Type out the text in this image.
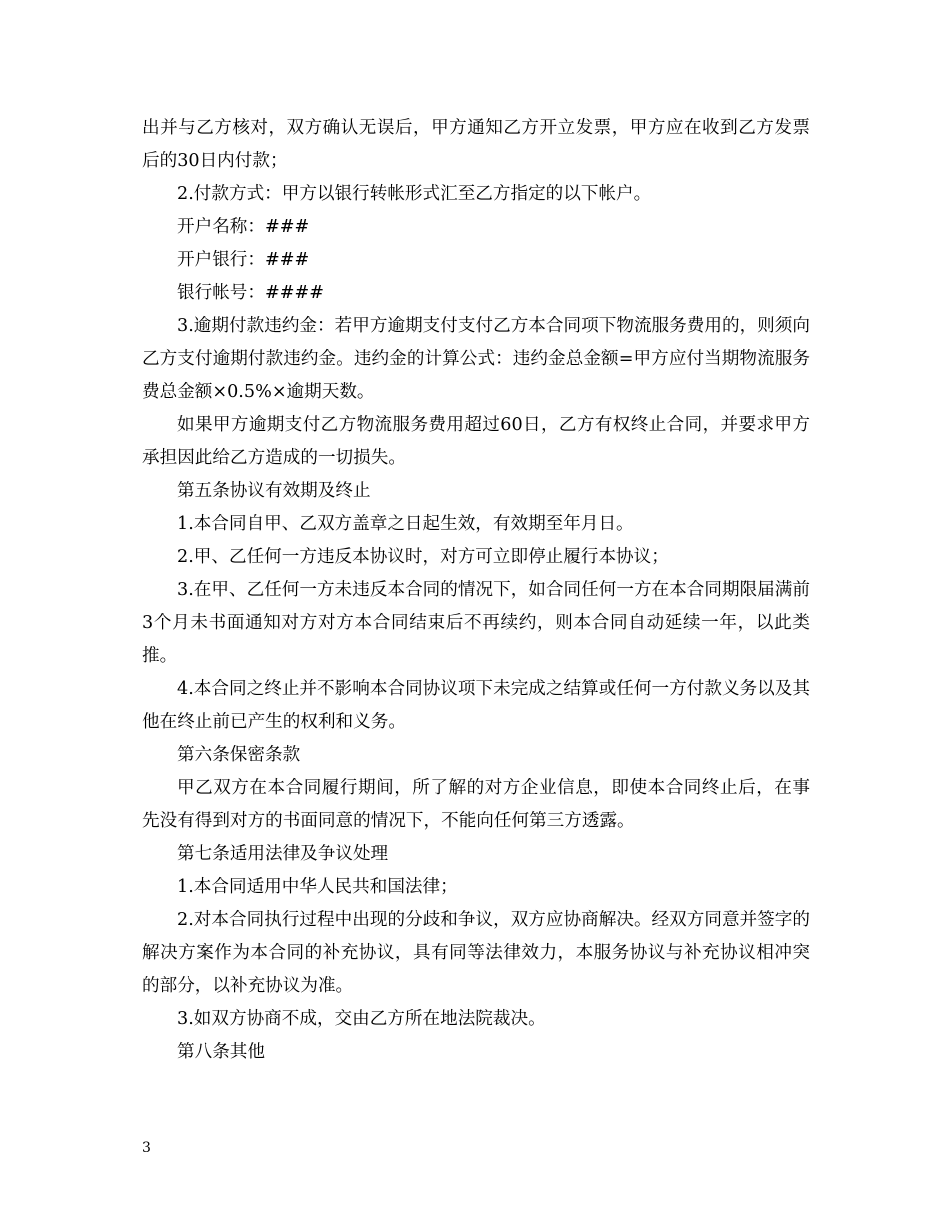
出并与乙方核对，双方确认无误后，甲方通知乙方开立发票，甲方应在收到乙方发票后的30日内付款；

2.付款方式：甲方以银行转帐形式汇至乙方指定的以下帐户。

开户名称：###

开户银行：###

银行帐号：####

3.逾期付款违约金：若甲方逾期支付支付乙方本合同项下物流服务费用的，则须向乙方支付逾期付款违约金。违约金的计算公式：违约金总金额=甲方应付当期物流服务费总金额×0.5%×逾期天数。

如果甲方逾期支付乙方物流服务费用超过60日，乙方有权终止合同，并要求甲方承担因此给乙方造成的一切损失。

第五条协议有效期及终止

1.本合同自甲、乙双方盖章之日起生效，有效期至年月日。

2.甲、乙任何一方违反本协议时，对方可立即停止履行本协议；

3.在甲、乙任何一方未违反本合同的情况下，如合同任何一方在本合同期限届满前3个月未书面通知对方对方本合同结束后不再续约，则本合同自动延续一年，以此类推。

4.本合同之终止并不影响本合同协议项下未完成之结算或任何一方付款义务以及其他在终止前已产生的权利和义务。

第六条保密条款

甲乙双方在本合同履行期间，所了解的对方企业信息，即使本合同终止后，在事先没有得到对方的书面同意的情况下，不能向任何第三方透露。

第七条适用法律及争议处理

1.本合同适用中华人民共和国法律；

2.对本合同执行过程中出现的分歧和争议，双方应协商解决。经双方同意并签字的解决方案作为本合同的补充协议，具有同等法律效力，本服务协议与补充协议相冲突的部分，以补充协议为准。

3.如双方协商不成，交由乙方所在地法院裁决。

第八条其他

3
